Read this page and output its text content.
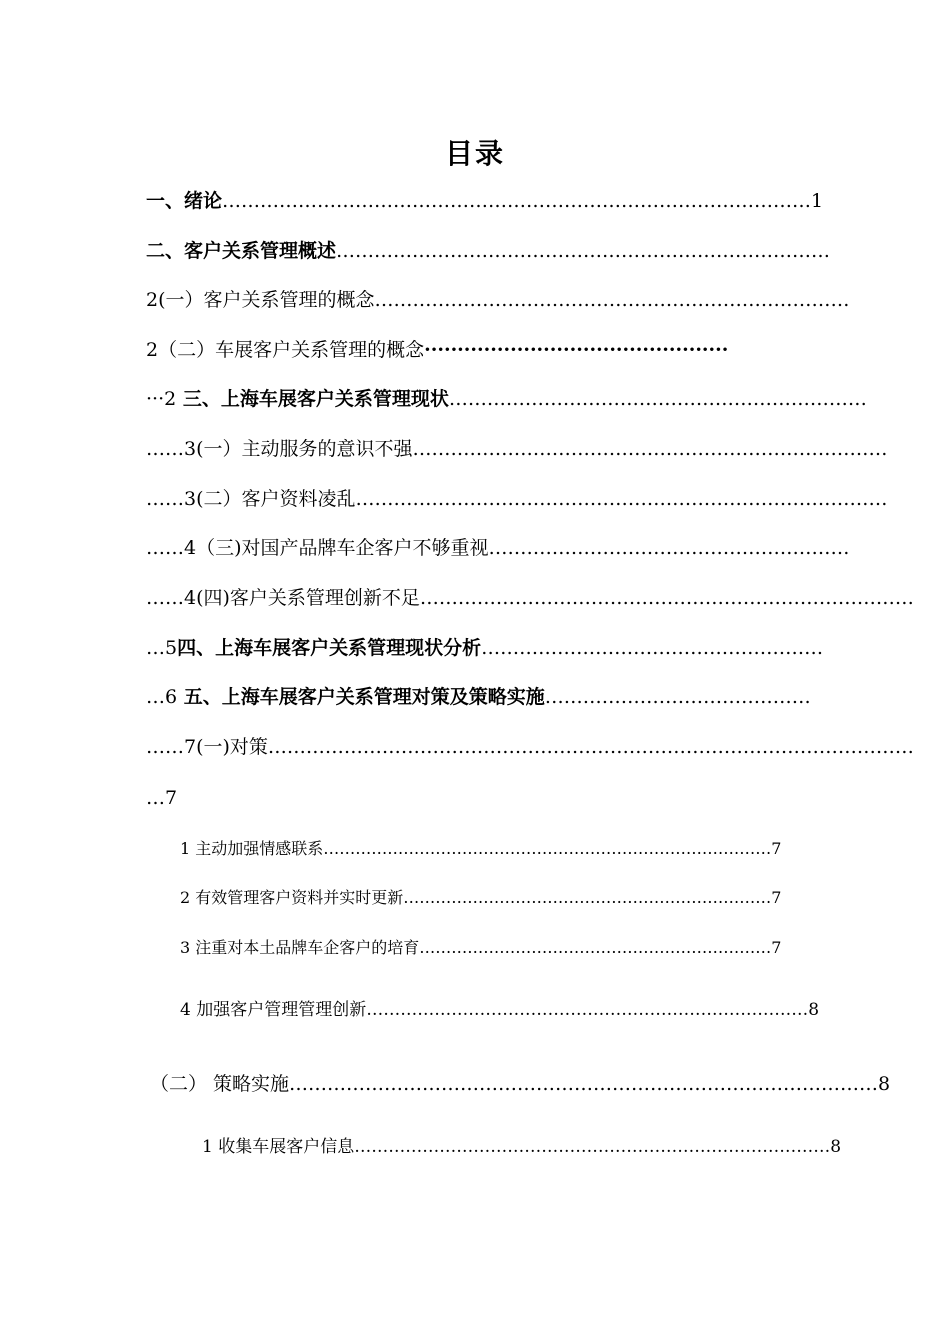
目录
一、绪论…………………………………………………………………………………1
二、客户关系管理概述……………………………………………………………………
2(一）客户关系管理的概念…………………………………………………………………
2（二）车展客户关系管理的概念··············································
···2 三、上海车展客户关系管理现状…………………………………………………………
……3(一）主动服务的意识不强…………………………………………………………………
……3(二）客户资料凌乱…………………………………………………………………………
……4（三)对国产品牌车企客户不够重视…………………………………………………
……4(四)客户关系管理创新不足……………………………………………………………………
…5四、上海车展客户关系管理现状分析………………………………………………
…6 五、上海车展客户关系管理对策及策略实施……………………………………
……7(一)对策…………………………………………………………………………………………
…7
1 主动加强情感联系…………………………………………………………………………7
2 有效管理客户资料并实时更新……………………………………………………………7
3 注重对本土品牌车企客户的培育…………………………………………………………7
4 加强客户管理管理创新……………………………………………………………………8
（二） 策略实施…………………………………………………………………………………8
1 收集车展客户信息…………………………………………………………………………8
